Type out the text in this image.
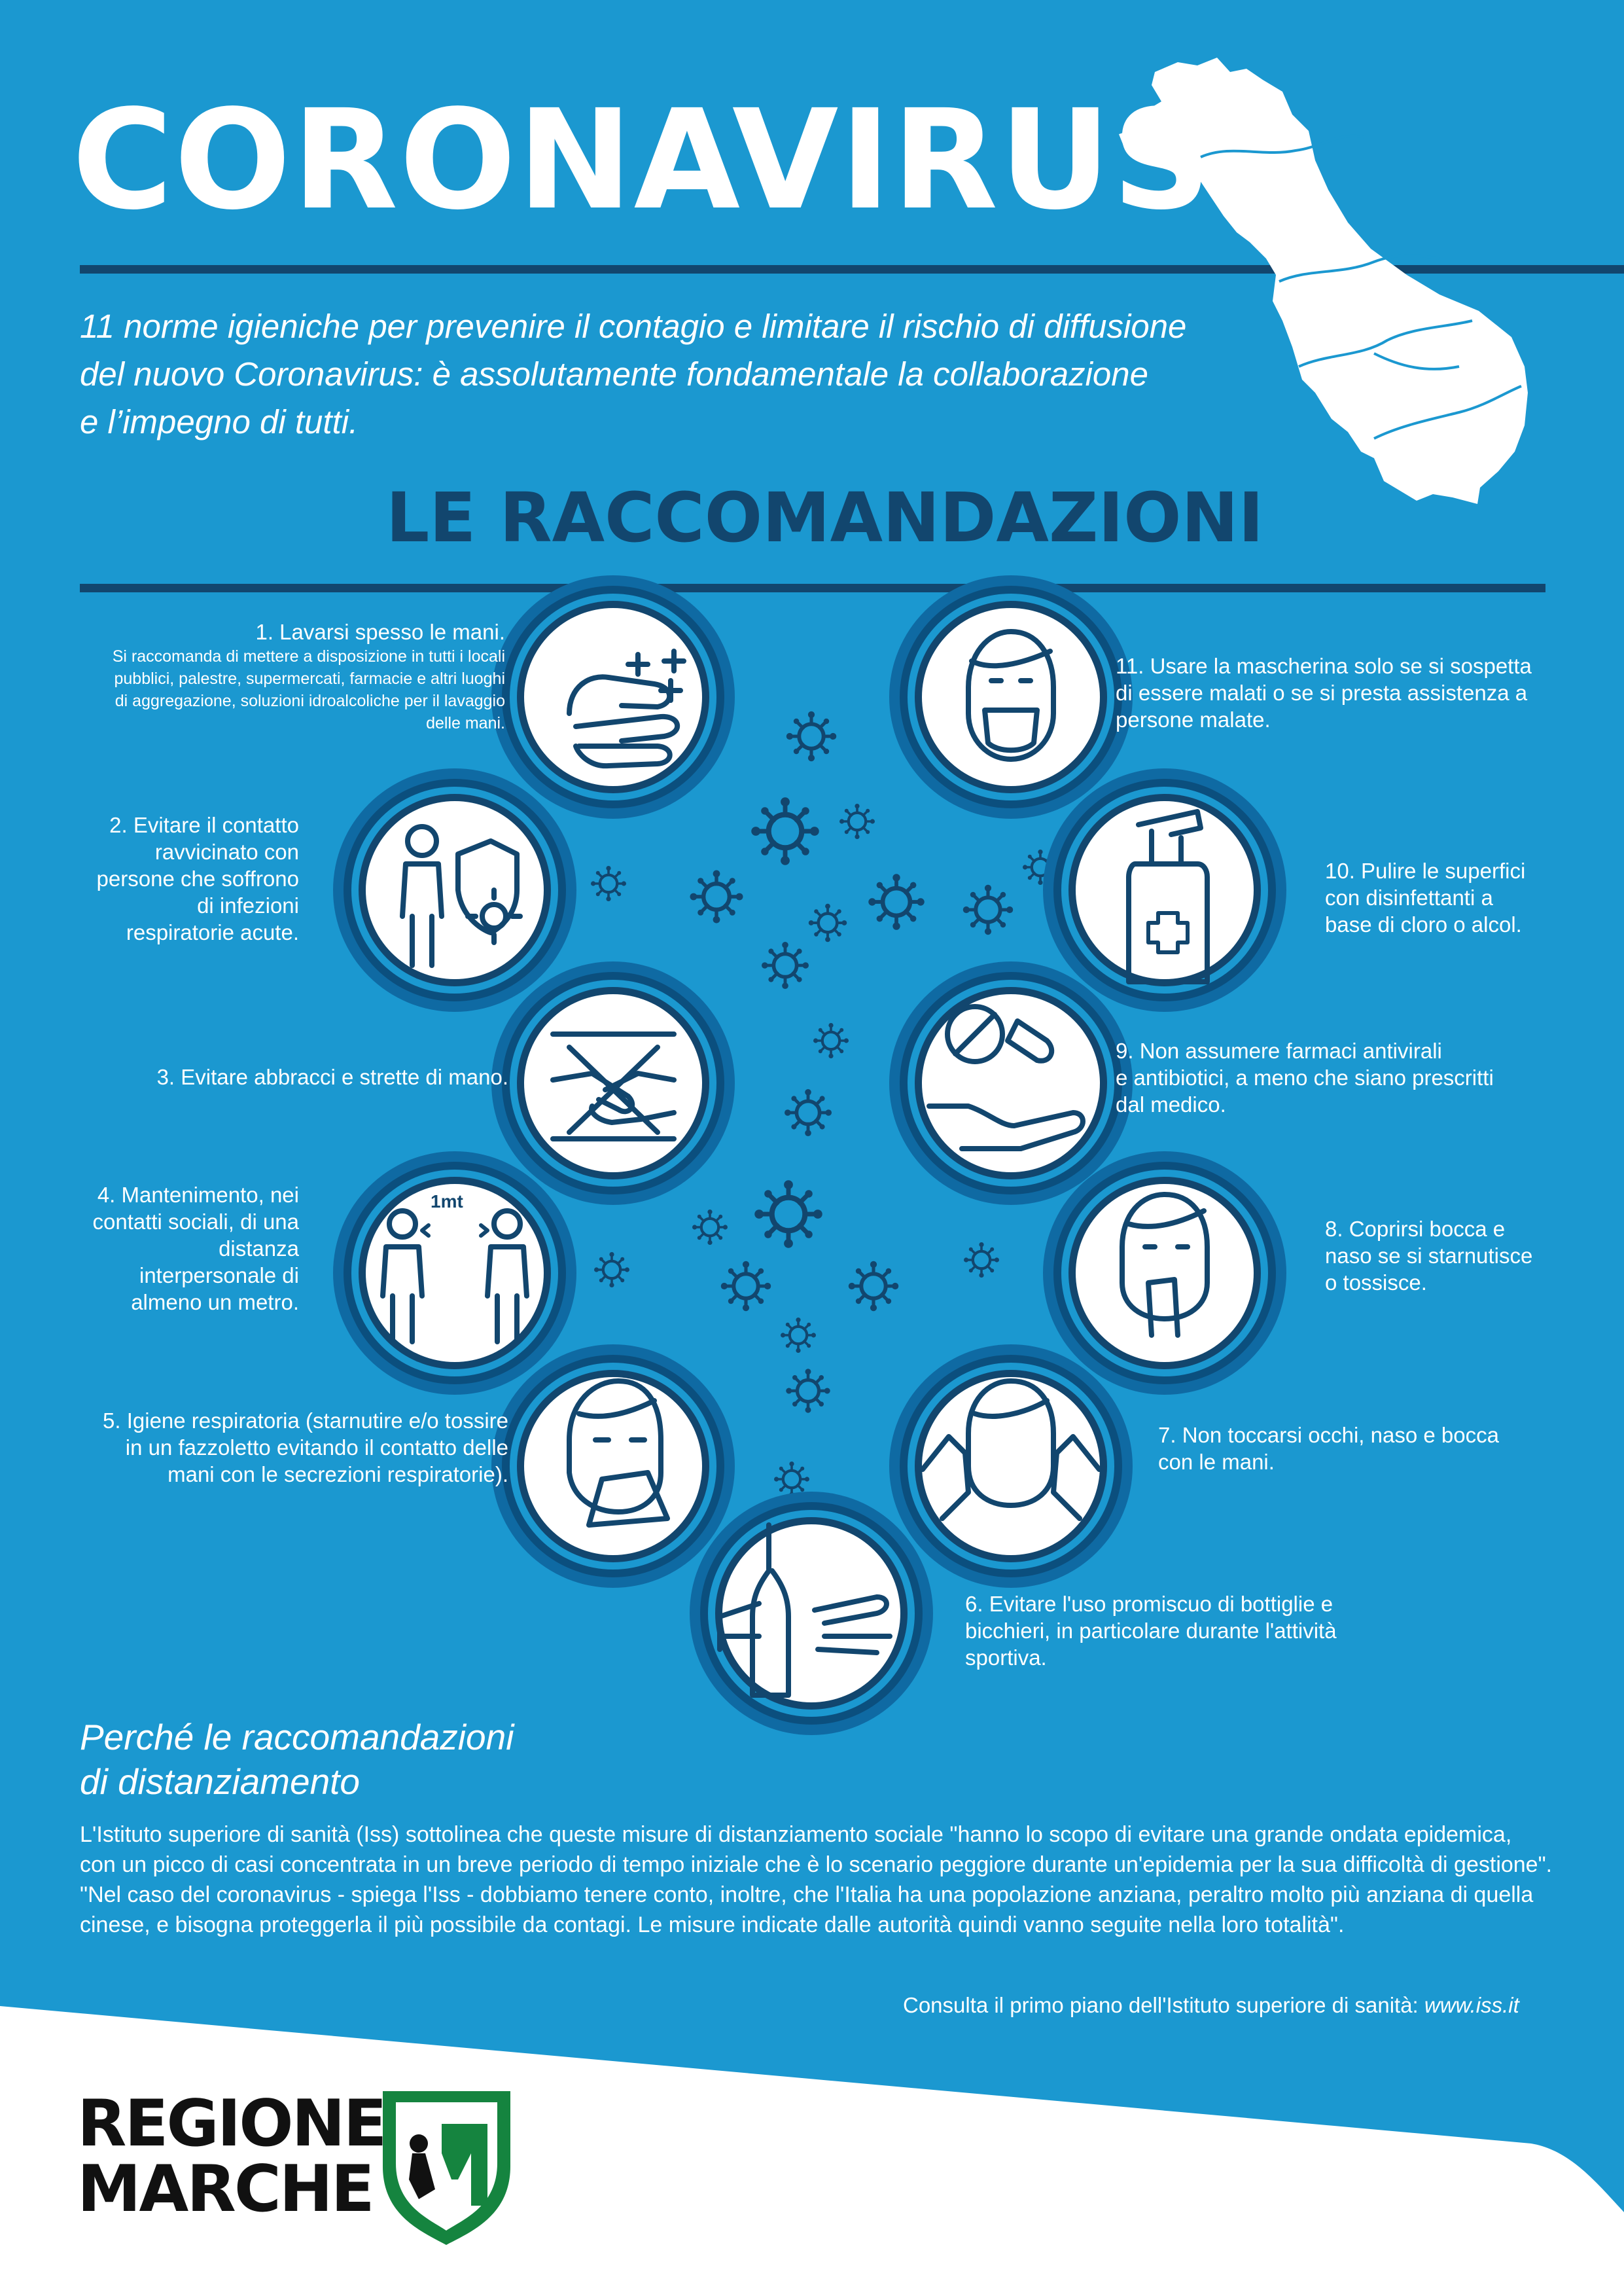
1mt
CORONAVIRUS
11 norme igieniche per prevenire il contagio e limitare il rischio di diffusione
del nuovo Coronavirus: è assolutamente fondamentale la collaborazione
e l’impegno di tutti.
LE RACCOMANDAZIONI
1. Lavarsi spesso le mani.
Si raccomanda di mettere a disposizione in tutti i locali
pubblici, palestre, supermercati, farmacie e altri luoghi
di aggregazione, soluzioni idroalcoliche per il lavaggio
delle mani.
2. Evitare il contatto
ravvicinato con
persone che soffrono
di infezioni
respiratorie acute.
3. Evitare abbracci e strette di mano.
4. Mantenimento, nei
contatti sociali, di una
distanza
interpersonale di
almeno un metro.
5. Igiene respiratoria (starnutire e/o tossire
in un fazzoletto evitando il contatto delle
mani con le secrezioni respiratorie).
6. Evitare l'uso promiscuo di bottiglie e
bicchieri, in particolare durante l'attività
sportiva.
7. Non toccarsi occhi, naso e bocca
con le mani.
8. Coprirsi bocca e
naso se si starnutisce
o tossisce.
9. Non assumere farmaci antivirali
e antibiotici, a meno che siano prescritti
dal medico.
10. Pulire le superfici
con disinfettanti a
base di cloro o alcol.
11. Usare la mascherina solo se si sospetta
di essere malati o se si presta assistenza a
persone malate.
Perché le raccomandazioni
di distanziamento
L'Istituto superiore di sanità (Iss) sottolinea che queste misure di distanziamento sociale "hanno lo scopo di evitare una grande ondata epidemica,
con un picco di casi concentrata in un breve periodo di tempo iniziale che è lo scenario peggiore durante un'epidemia per la sua difficoltà di gestione".
"Nel caso del coronavirus - spiega l'Iss - dobbiamo tenere conto, inoltre, che l'Italia ha una popolazione anziana, peraltro molto più anziana di quella
cinese, e bisogna proteggerla il più possibile da contagi. Le misure indicate dalle autorità quindi vanno seguite nella loro totalità".
Consulta il primo piano dell'Istituto superiore di sanità: www.iss.it
REGIONE
MARCHE
